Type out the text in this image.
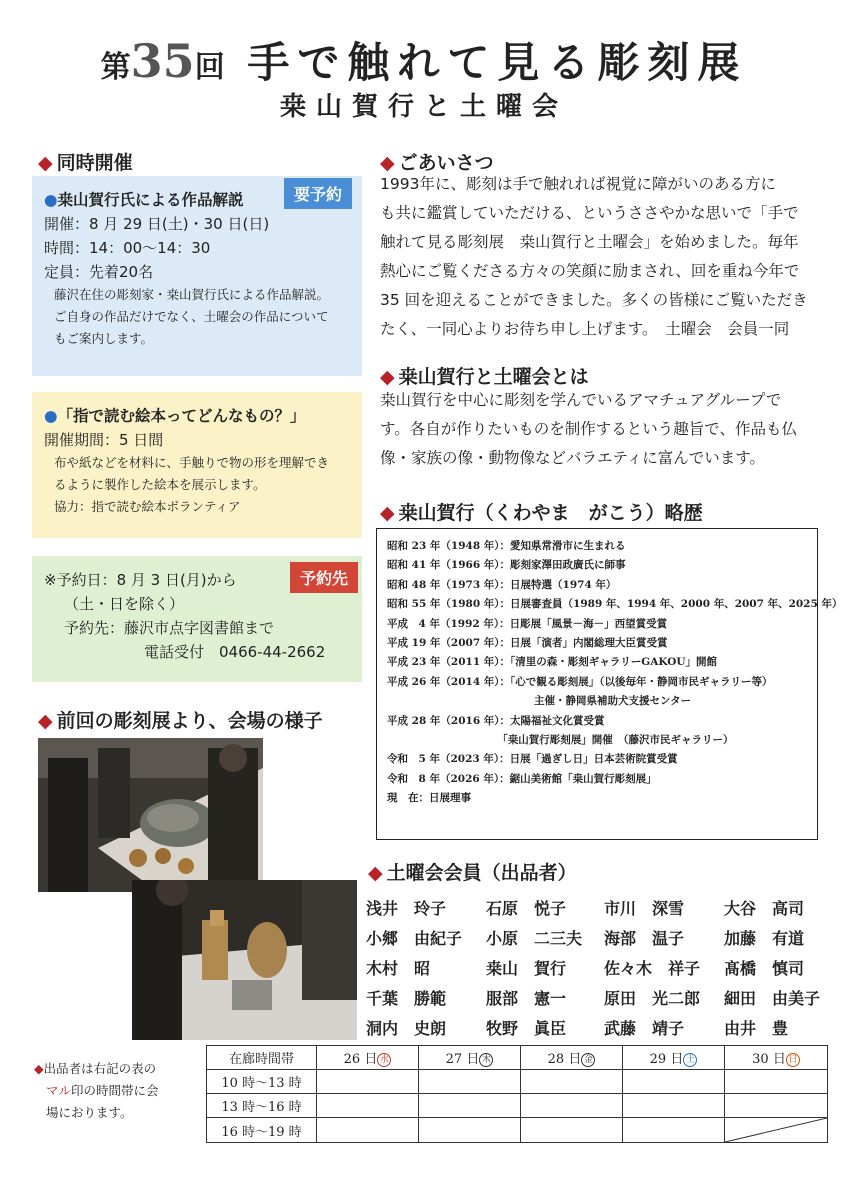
第35回 手で触れて見る彫刻展
桒山賀行と土曜会
◆ 同時開催
●桒山賀行氏による作品解説
開催：8 月 29 日(土)・30 日(日)
時間：14：00～14：30
定員：先着20名
藤沢在住の彫刻家・桒山賀行氏による作品解説。
ご自身の作品だけでなく、土曜会の作品について
もご案内します。
要予約
●「指で読む絵本ってどんなもの？」
開催期間：5 日間
布や紙などを材料に、手触りで物の形を理解でき
るように製作した絵本を展示します。
協力：指で読む絵本ボランティア
※予約日：8 月 3 日(月)から
（土・日を除く）
予約先：藤沢市点字図書館まで
電話受付　0466-44-2662
予約先
◆ 前回の彫刻展より、会場の様子
◆ ごあいさつ
1993年に、彫刻は手で触れれば視覚に障がいのある方に
も共に鑑賞していただける、というささやかな思いで「手で
触れて見る彫刻展　桒山賀行と土曜会」を始めました。毎年
熱心にご覧くださる方々の笑顔に励まされ、回を重ね今年で
35 回を迎えることができました。多くの皆様にご覧いただき
たく、一同心よりお待ち申し上げます。　土曜会　会員一同
◆ 桒山賀行と土曜会とは
桒山賀行を中心に彫刻を学んでいるアマチュアグループで
す。各自が作りたいものを制作するという趣旨で、作品も仏
像・家族の像・動物像などバラエティに富んでいます。
◆ 桒山賀行（くわやま　がこう）略歴
昭和 23 年（1948 年）：愛知県常滑市に生まれる
昭和 41 年（1966 年）：彫刻家澤田政廣氏に師事
昭和 48 年（1973 年）：日展特選（1974 年）
昭和 55 年（1980 年）：日展審査員（1989 年、1994 年、2000 年、2007 年、2025 年）
平成　4 年（1992 年）：日彫展「風景－海－」西望賞受賞
平成 19 年（2007 年）：日展「演者」内閣総理大臣賞受賞
平成 23 年（2011 年）：「清里の森・彫刻ギャラリーGAKOU」開館
平成 26 年（2014 年）：「心で観る彫刻展」（以後毎年・静岡市民ギャラリー等）
　　　　　　　　　　　　　　主催・静岡県補助犬支援センター
平成 28 年（2016 年）：太陽福祉文化賞受賞
　　　　　　　　　　　「桒山賀行彫刻展」開催　（藤沢市民ギャラリー）
令和　5 年（2023 年）：日展「過ぎし日」日本芸術院賞受賞
令和　8 年（2026 年）：鋸山美術館「桒山賀行彫刻展」
現　在：日展理事
◆ 土曜会会員（出品者）
浅井　玲子 石原　悦子 市川　深雪 大谷　高司
小郷　由紀子 小原　二三夫 海部　温子 加藤　有道
木村　昭	桒山　賀行 佐々木　祥子 髙橋　慎司
千葉　勝範 服部　憲一 原田　光二郎 細田　由美子
洞内　史朗 牧野　眞臣 武藤　靖子 由井　豊
◆出品者は右記の表の
マル印の時間帯に会
場におります。
在廊時間帯	26 日 水	27 日 木	28 日 金	29 日 土	30 日 日
10 時～13 時					
13 時～16 時					
16 時～19 時					
